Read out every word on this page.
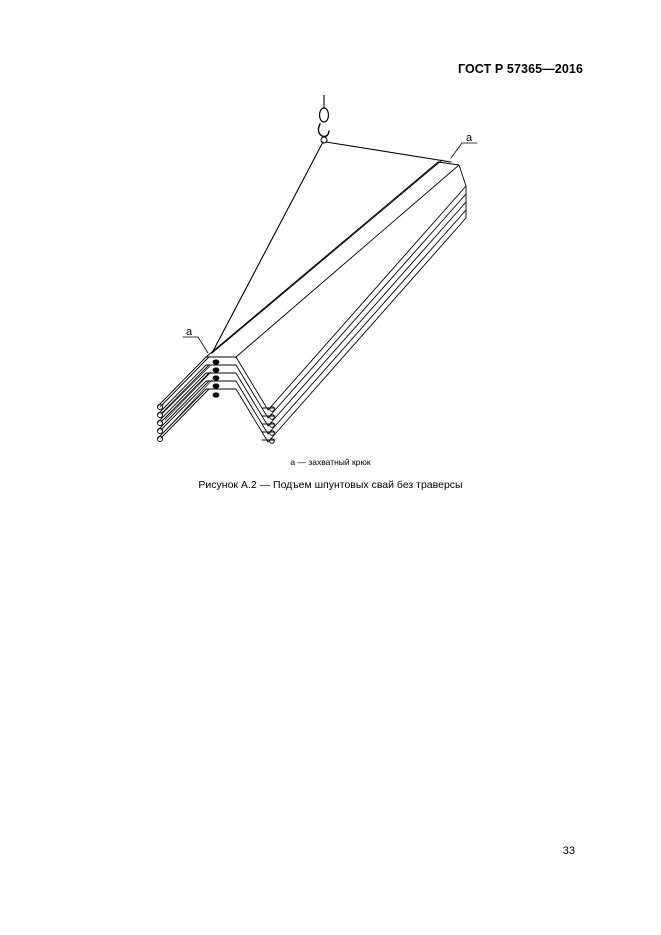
ГОСТ Р 57365—2016
а
а
а — захватный крюк
Рисунок А.2 — Подъем шпунтовых свай без траверсы
33
